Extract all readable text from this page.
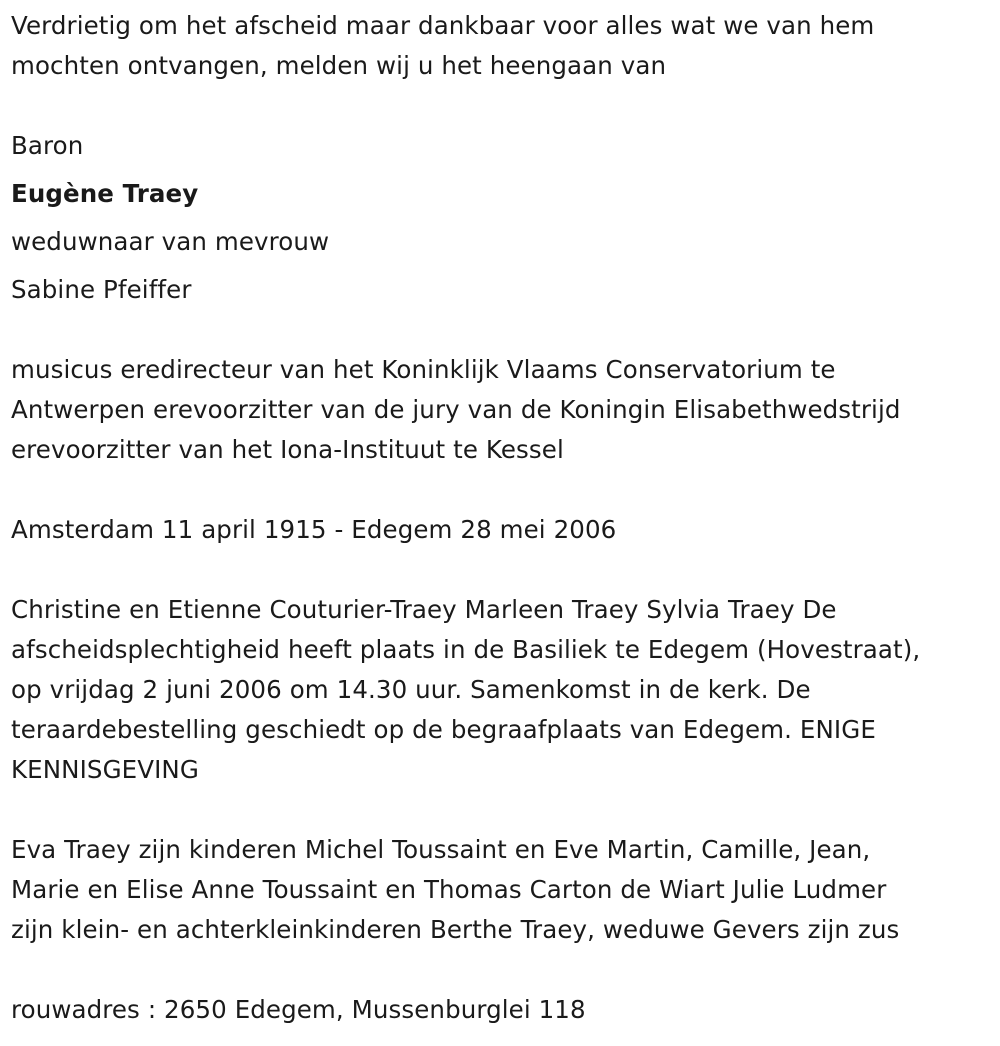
Verdrietig om het afscheid maar dankbaar voor alles wat we van hem
mochten ontvangen, melden wij u het heengaan van

Baron

Eugène Traey

weduwnaar van mevrouw

Sabine Pfeiffer

musicus eredirecteur van het Koninklijk Vlaams Conservatorium te
Antwerpen erevoorzitter van de jury van de Koningin Elisabethwedstrijd
erevoorzitter van het Iona-Instituut te Kessel

Amsterdam 11 april 1915 - Edegem 28 mei 2006

Christine en Etienne Couturier-Traey Marleen Traey Sylvia Traey De
afscheidsplechtigheid heeft plaats in de Basiliek te Edegem (Hovestraat),
op vrijdag 2 juni 2006 om 14.30 uur. Samenkomst in de kerk. De
teraardebestelling geschiedt op de begraafplaats van Edegem. ENIGE
KENNISGEVING

Eva Traey zijn kinderen Michel Toussaint en Eve Martin, Camille, Jean,
Marie en Elise Anne Toussaint en Thomas Carton de Wiart Julie Ludmer
zijn klein- en achterkleinkinderen Berthe Traey, weduwe Gevers zijn zus

rouwadres : 2650 Edegem, Mussenburglei 118
